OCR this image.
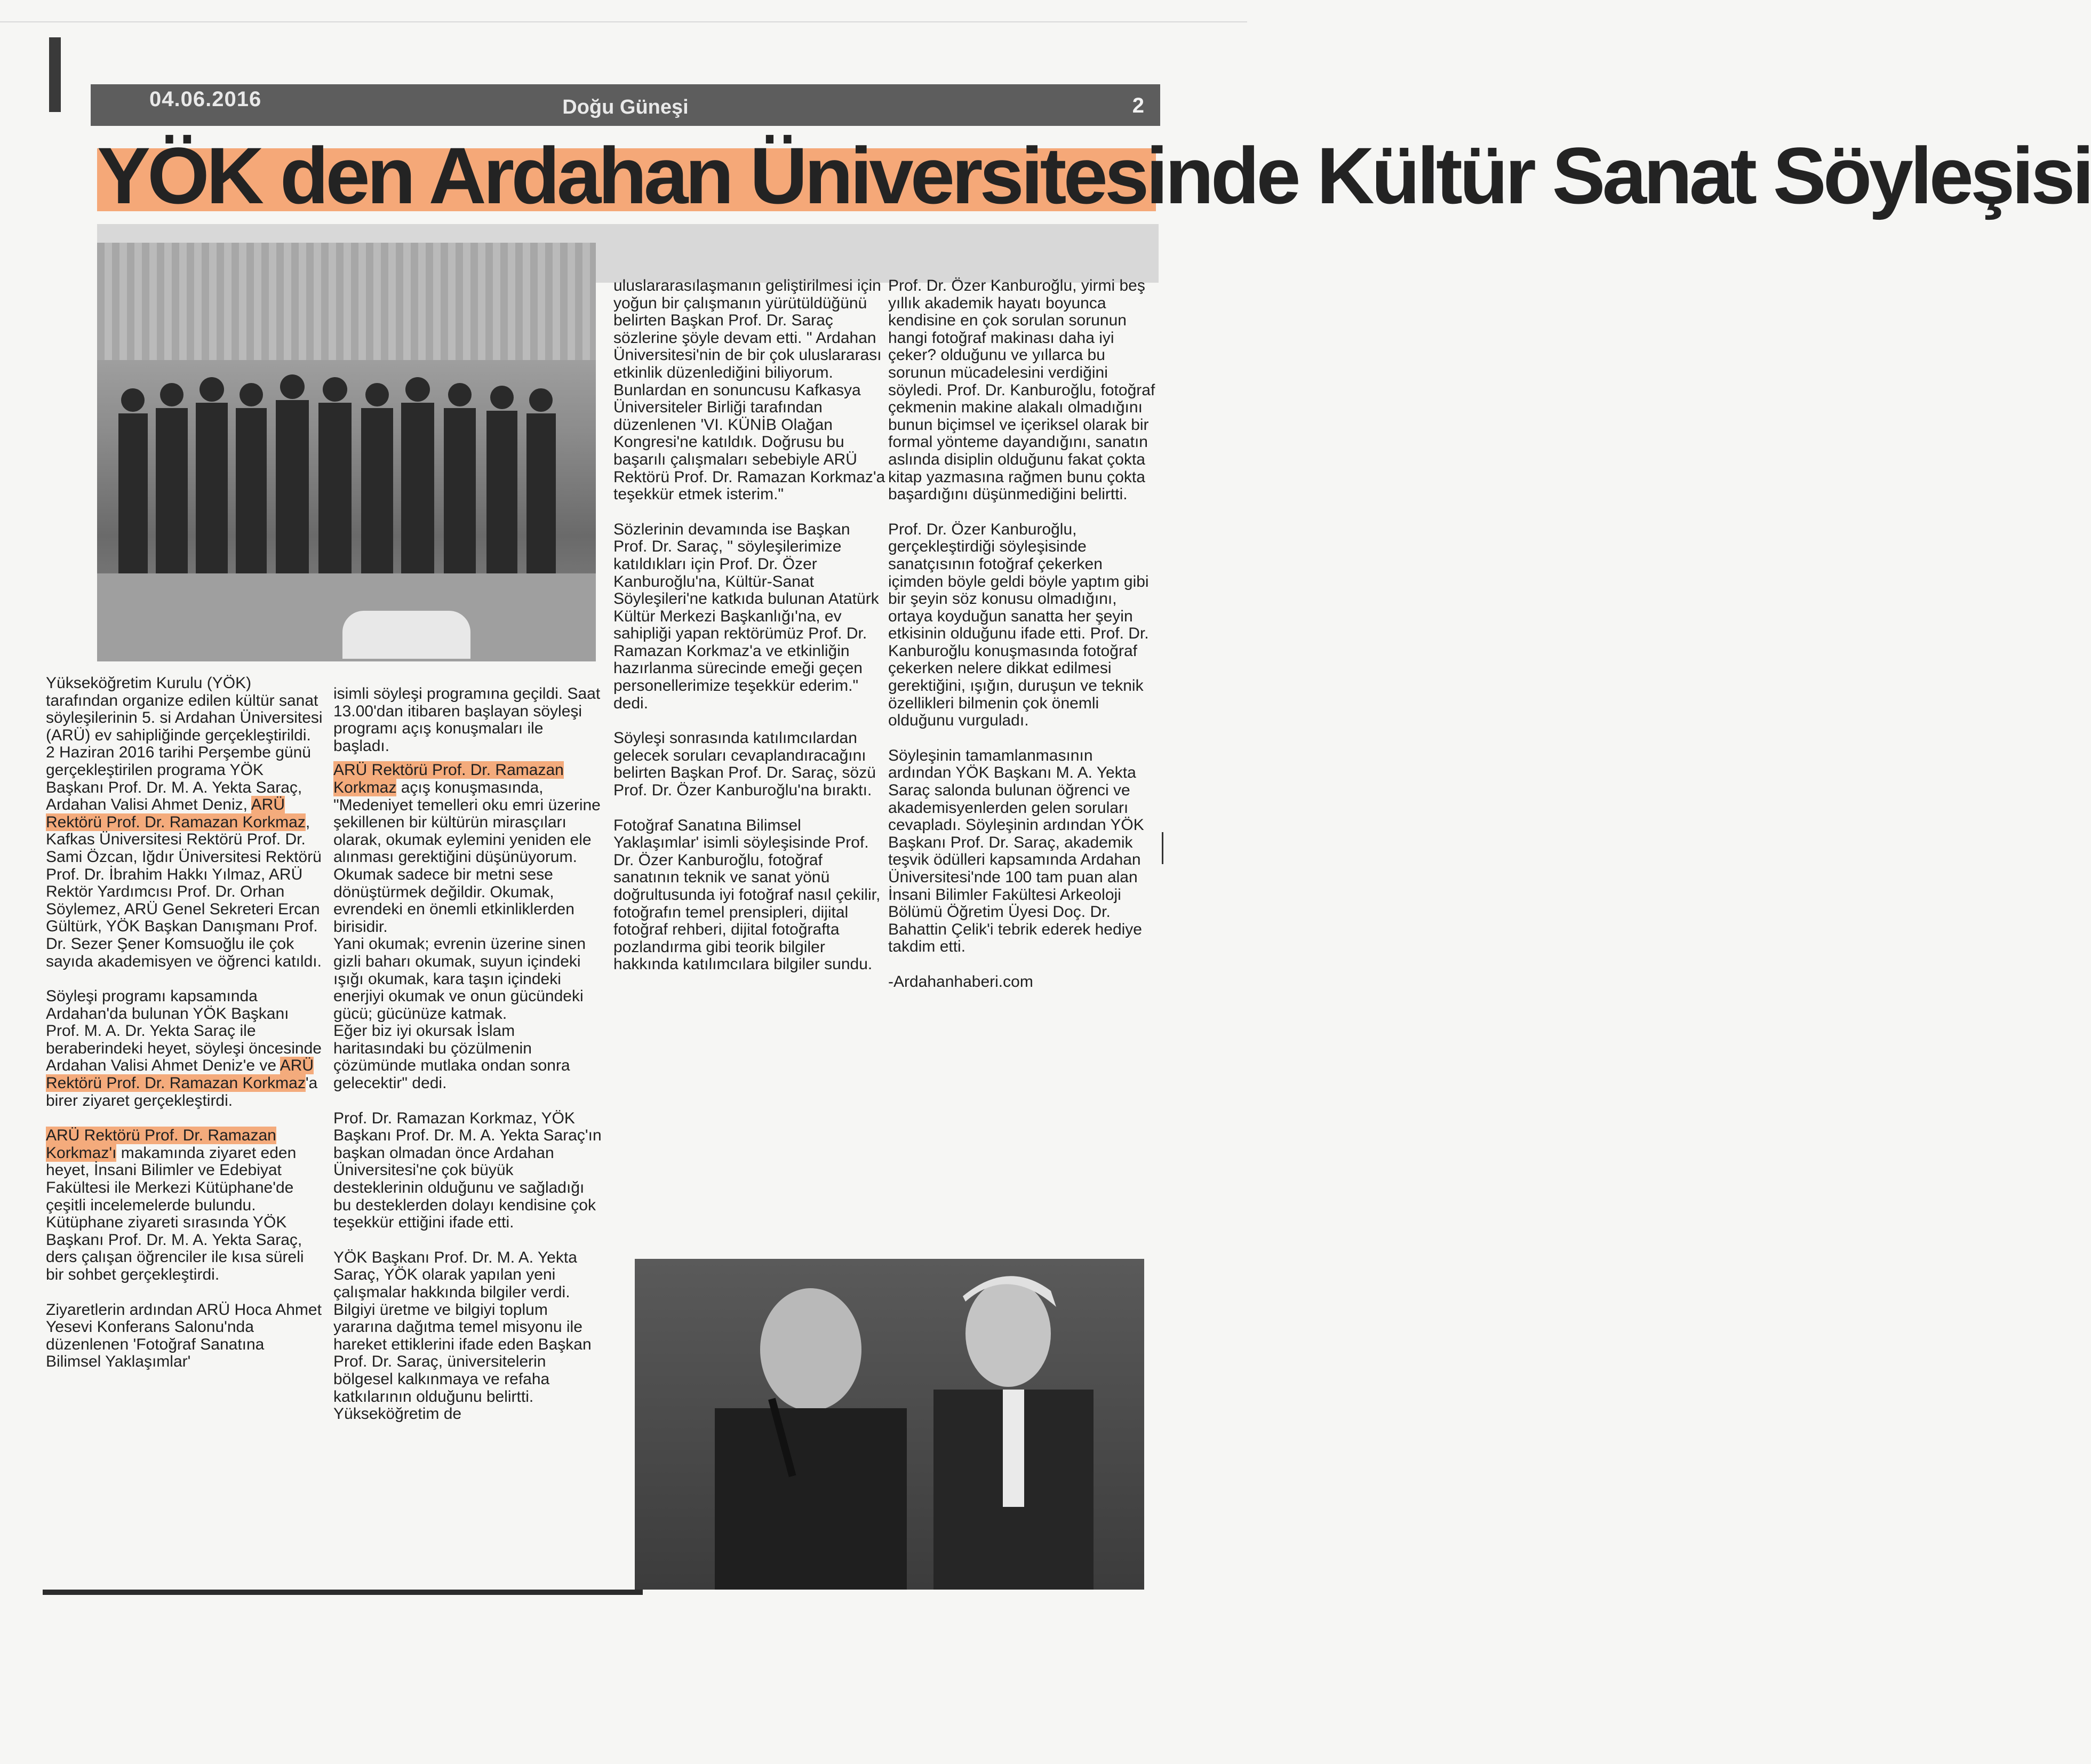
04.06.2016	Doğu Güneşi	2
YÖK den Ardahan Üniversitesinde Kültür Sanat Söyleşisi

Yükseköğretim Kurulu (YÖK) tarafından organize edilen kültür sanat söyleşilerinin 5. si Ardahan Üniversitesi (ARÜ) ev sahipliğinde gerçekleştirildi. 2 Haziran 2016 tarihi Perşembe günü gerçekleştirilen programa YÖK Başkanı Prof. Dr. M. A. Yekta Saraç, Ardahan Valisi Ahmet Deniz, ARÜ Rektörü Prof. Dr. Ramazan Korkmaz, Kafkas Üniversitesi Rektörü Prof. Dr. Sami Özcan, Iğdır Üniversitesi Rektörü Prof. Dr. İbrahim Hakkı Yılmaz, ARÜ Rektör Yardımcısı Prof. Dr. Orhan Söylemez, ARÜ Genel Sekreteri Ercan Gültürk, YÖK Başkan Danışmanı Prof. Dr. Sezer Şener Komsuoğlu ile çok sayıda akademisyen ve öğrenci katıldı.

Söyleşi programı kapsamında Ardahan'da bulunan YÖK Başkanı Prof. M. A. Dr. Yekta Saraç ile beraberindeki heyet, söyleşi öncesinde Ardahan Valisi Ahmet Deniz'e ve ARÜ Rektörü Prof. Dr. Ramazan Korkmaz'a birer ziyaret gerçekleştirdi.

ARÜ Rektörü Prof. Dr. Ramazan Korkmaz'ı makamında ziyaret eden heyet, İnsani Bilimler ve Edebiyat Fakültesi ile Merkezi Kütüphane'de çeşitli incelemelerde bulundu. Kütüphane ziyareti sırasında YÖK Başkanı Prof. Dr. M. A. Yekta Saraç, ders çalışan öğrenciler ile kısa süreli bir sohbet gerçekleştirdi.

Ziyaretlerin ardından ARÜ Hoca Ahmet Yesevi Konferans Salonu'nda düzenlenen 'Fotoğraf Sanatına Bilimsel Yaklaşımlar'

isimli söyleşi programına geçildi. Saat 13.00'dan itibaren başlayan söyleşi programı açış konuşmaları ile başladı.

ARÜ Rektörü Prof. Dr. Ramazan Korkmaz açış konuşmasında, "Medeniyet temelleri oku emri üzerine şekillenen bir kültürün mirasçıları olarak, okumak eylemini yeniden ele alınması gerektiğini düşünüyorum. Okumak sadece bir metni sese dönüştürmek değildir. Okumak, evrendeki en önemli etkinliklerden birisidir.

Yani okumak; evrenin üzerine sinen gizli baharı okumak, suyun içindeki ışığı okumak, kara taşın içindeki enerjiyi okumak ve onun gücündeki gücü; gücünüze katmak.

Eğer biz iyi okursak İslam haritasındaki bu çözülmenin çözümünde mutlaka ondan sonra gelecektir" dedi.

Prof. Dr. Ramazan Korkmaz, YÖK Başkanı Prof. Dr. M. A. Yekta Saraç'ın başkan olmadan önce Ardahan Üniversitesi'ne çok büyük desteklerinin olduğunu ve sağladığı bu desteklerden dolayı kendisine çok teşekkür ettiğini ifade etti.

YÖK Başkanı Prof. Dr. M. A. Yekta Saraç, YÖK olarak yapılan yeni çalışmalar hakkında bilgiler verdi. Bilgiyi üretme ve bilgiyi toplum yararına dağıtma temel misyonu ile hareket ettiklerini ifade eden Başkan Prof. Dr. Saraç, üniversitelerin bölgesel kalkınmaya ve refaha katkılarının olduğunu belirtti.

Yükseköğretim de

uluslararasılaşmanın geliştirilmesi için yoğun bir çalışmanın yürütüldüğünü belirten Başkan Prof. Dr. Saraç sözlerine şöyle devam etti. " Ardahan Üniversitesi'nin de bir çok uluslararası etkinlik düzenlediğini biliyorum. Bunlardan en sonuncusu Kafkasya Üniversiteler Birliği tarafından düzenlenen 'VI. KÜNİB Olağan Kongresi'ne katıldık. Doğrusu bu başarılı çalışmaları sebebiyle ARÜ Rektörü Prof. Dr. Ramazan Korkmaz'a teşekkür etmek isterim."

Sözlerinin devamında ise Başkan Prof. Dr. Saraç, " söyleşilerimize katıldıkları için Prof. Dr. Özer Kanburoğlu'na, Kültür-Sanat Söyleşileri'ne katkıda bulunan Atatürk Kültür Merkezi Başkanlığı'na, ev sahipliği yapan rektörümüz Prof. Dr. Ramazan Korkmaz'a ve etkinliğin hazırlanma sürecinde emeği geçen personellerimize teşekkür ederim." dedi.

Söyleşi sonrasında katılımcılardan gelecek soruları cevaplandıracağını belirten Başkan Prof. Dr. Saraç, sözü Prof. Dr. Özer Kanburoğlu'na bıraktı.

Fotoğraf Sanatına Bilimsel Yaklaşımlar' isimli söyleşisinde Prof. Dr. Özer Kanburoğlu, fotoğraf sanatının teknik ve sanat yönü doğrultusunda iyi fotoğraf nasıl çekilir, fotoğrafın temel prensipleri, dijital fotoğraf rehberi, dijital fotoğrafta pozlandırma gibi teorik bilgiler hakkında katılımcılara bilgiler sundu.

Prof. Dr. Özer Kanburoğlu, yirmi beş yıllık akademik hayatı boyunca kendisine en çok sorulan sorunun hangi fotoğraf makinası daha iyi çeker? olduğunu ve yıllarca bu sorunun mücadelesini verdiğini söyledi. Prof. Dr. Kanburoğlu, fotoğraf çekmenin makine alakalı olmadığını bunun biçimsel ve içeriksel olarak bir formal yönteme dayandığını, sanatın aslında disiplin olduğunu fakat çokta kitap yazmasına rağmen bunu çokta başardığını düşünmediğini belirtti.

Prof. Dr. Özer Kanburoğlu, gerçekleştirdiği söyleşisinde sanatçısının fotoğraf çekerken içimden böyle geldi böyle yaptım gibi bir şeyin söz konusu olmadığını, ortaya koyduğun sanatta her şeyin etkisinin olduğunu ifade etti. Prof. Dr. Kanburoğlu konuşmasında fotoğraf çekerken nelere dikkat edilmesi gerektiğini, ışığın, duruşun ve teknik özellikleri bilmenin çok önemli olduğunu vurguladı.

Söyleşinin tamamlanmasının ardından YÖK Başkanı M. A. Yekta Saraç salonda bulunan öğrenci ve akademisyenlerden gelen soruları cevapladı. Söyleşinin ardından YÖK Başkanı Prof. Dr. Saraç, akademik teşvik ödülleri kapsamında Ardahan Üniversitesi'nde 100 tam puan alan İnsani Bilimler Fakültesi Arkeoloji Bölümü Öğretim Üyesi Doç. Dr. Bahattin Çelik'i tebrik ederek hediye takdim etti.

-Ardahanhaberi.com
